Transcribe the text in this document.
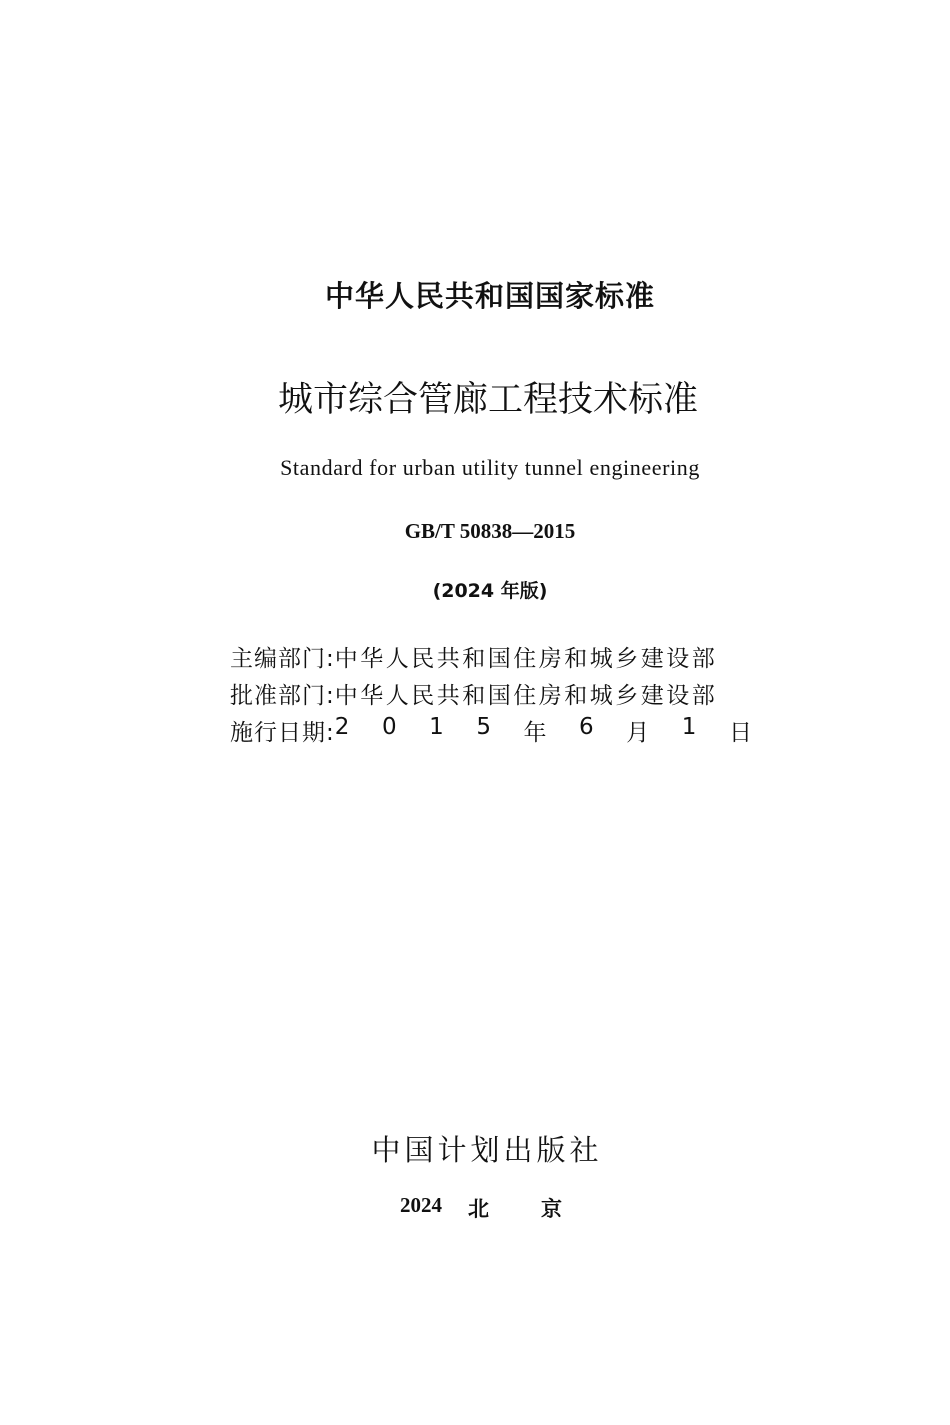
中华人民共和国国家标准
城市综合管廊工程技术标准
Standard for urban utility tunnel engineering
GB/T 50838—2015
(2024 年版)
主编部门: 中华人民共和国住房和城乡建设部
批准部门: 中华人民共和国住房和城乡建设部
施行日期: 2 0 1 5 年 6 月 1 日
中国计划出版社
2024 北 京
